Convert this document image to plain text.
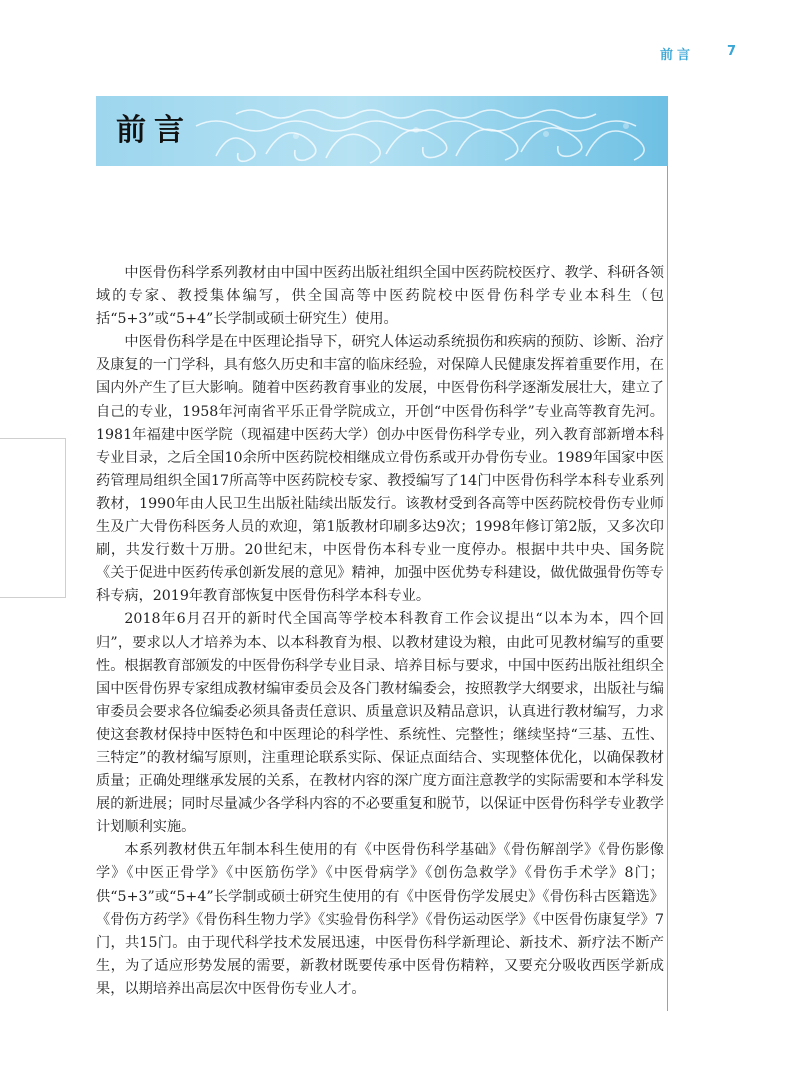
前言	7
前言

中医骨伤科学系列教材由中国中医药出版社组织全国中医药院校医疗、教学、科研各领域的专家、教授集体编写，供全国高等中医药院校中医骨伤科学专业本科生（包括“5+3”或“5+4”长学制或硕士研究生）使用。

中医骨伤科学是在中医理论指导下，研究人体运动系统损伤和疾病的预防、诊断、治疗及康复的一门学科，具有悠久历史和丰富的临床经验，对保障人民健康发挥着重要作用，在国内外产生了巨大影响。随着中医药教育事业的发展，中医骨伤科学逐渐发展壮大，建立了自己的专业，1958年河南省平乐正骨学院成立，开创“中医骨伤科学”专业高等教育先河。1981年福建中医学院（现福建中医药大学）创办中医骨伤科学专业，列入教育部新增本科专业目录，之后全国10余所中医药院校相继成立骨伤系或开办骨伤专业。1989年国家中医药管理局组织全国17所高等中医药院校专家、教授编写了14门中医骨伤科学本科专业系列教材，1990年由人民卫生出版社陆续出版发行。该教材受到各高等中医药院校骨伤专业师生及广大骨伤科医务人员的欢迎，第1版教材印刷多达9次；1998年修订第2版，又多次印刷，共发行数十万册。20世纪末，中医骨伤本科专业一度停办。根据中共中央、国务院《关于促进中医药传承创新发展的意见》精神，加强中医优势专科建设，做优做强骨伤等专科专病，2019年教育部恢复中医骨伤科学本科专业。

2018年6月召开的新时代全国高等学校本科教育工作会议提出“以本为本，四个回归”，要求以人才培养为本、以本科教育为根、以教材建设为粮，由此可见教材编写的重要性。根据教育部颁发的中医骨伤科学专业目录、培养目标与要求，中国中医药出版社组织全国中医骨伤界专家组成教材编审委员会及各门教材编委会，按照教学大纲要求，出版社与编审委员会要求各位编委必须具备责任意识、质量意识及精品意识，认真进行教材编写，力求使这套教材保持中医特色和中医理论的科学性、系统性、完整性；继续坚持“三基、五性、三特定”的教材编写原则，注重理论联系实际、保证点面结合、实现整体优化，以确保教材质量；正确处理继承发展的关系，在教材内容的深广度方面注意教学的实际需要和本学科发展的新进展；同时尽量减少各学科内容的不必要重复和脱节，以保证中医骨伤科学专业教学计划顺利实施。

本系列教材供五年制本科生使用的有《中医骨伤科学基础》《骨伤解剖学》《骨伤影像学》《中医正骨学》《中医筋伤学》《中医骨病学》《创伤急救学》《骨伤手术学》8门；供“5+3”或“5+4”长学制或硕士研究生使用的有《中医骨伤学发展史》《骨伤科古医籍选》《骨伤方药学》《骨伤科生物力学》《实验骨伤科学》《骨伤运动医学》《中医骨伤康复学》7门，共15门。由于现代科学技术发展迅速，中医骨伤科学新理论、新技术、新疗法不断产生，为了适应形势发展的需要，新教材既要传承中医骨伤精粹，又要充分吸收西医学新成果，以期培养出高层次中医骨伤专业人才。
